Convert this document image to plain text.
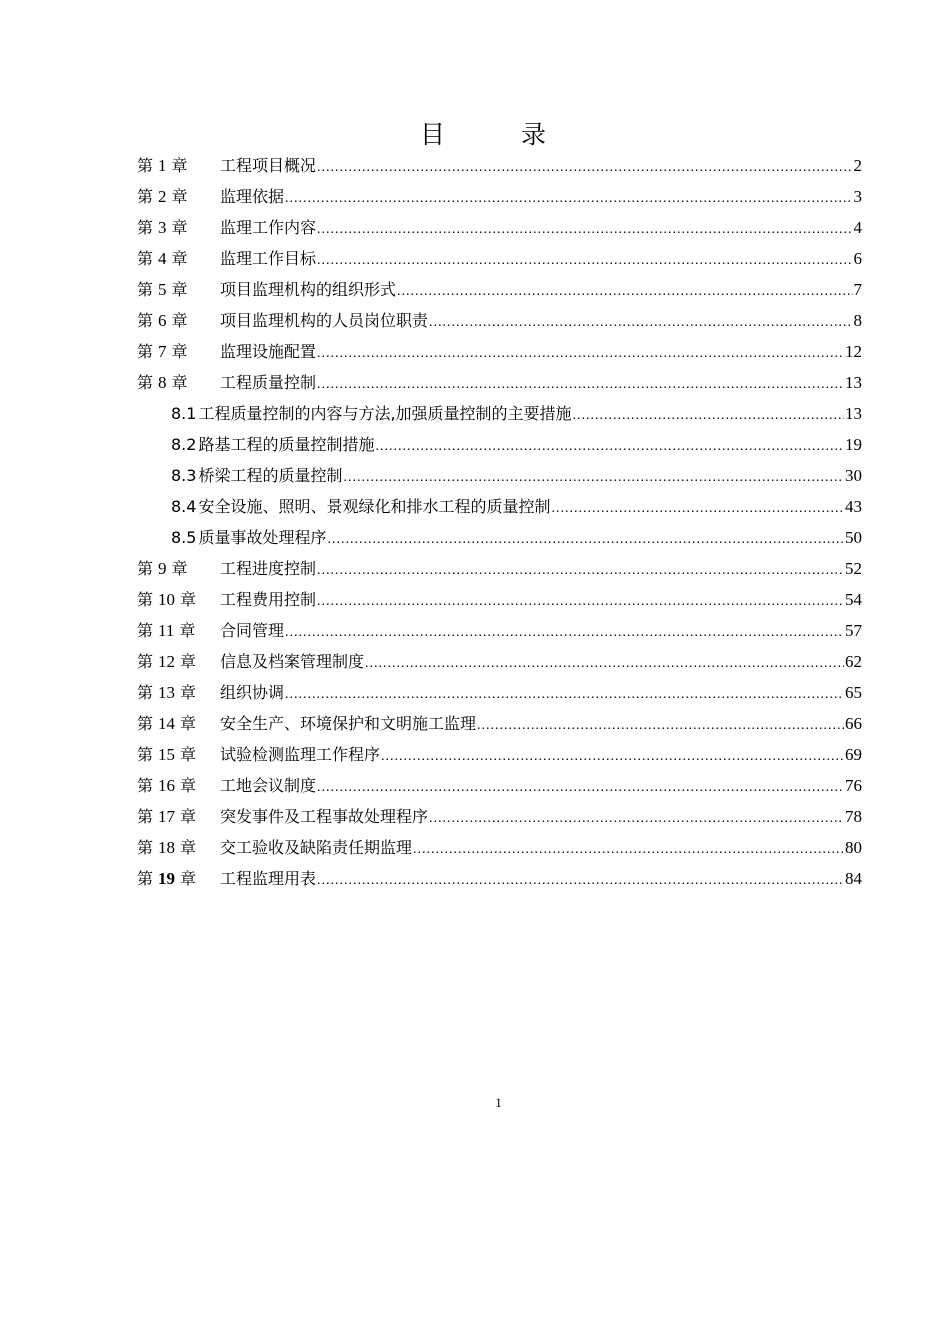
目 录
第 1 章	工程项目概况 .....	2
第 2 章	监理依据 .....	3
第 3 章	监理工作内容 .....	4
第 4 章	监理工作目标 .....	6
第 5 章	项目监理机构的组织形式 .....	7
第 6 章	项目监理机构的人员岗位职责 .....	8
第 7 章	监理设施配置 .....	12
第 8 章	工程质量控制 .....	13
8.1 工程质量控制的内容与方法,加强质量控制的主要措施 .....	13
8.2 路基工程的质量控制措施 .....	19
8.3 桥梁工程的质量控制 .....	30
8.4 安全设施、照明、景观绿化和排水工程的质量控制 .....	43
8.5 质量事故处理程序 .....	50
第 9 章	工程进度控制 .....	52
第 10 章	工程费用控制 .....	54
第 11 章	合同管理 .....	57
第 12 章	信息及档案管理制度 .....	62
第 13 章	组织协调 .....	65
第 14 章	安全生产、环境保护和文明施工监理 .....	66
第 15 章	试验检测监理工作程序 .....	69
第 16 章	工地会议制度 .....	76
第 17 章	突发事件及工程事故处理程序 .....	78
第 18 章	交工验收及缺陷责任期监理 .....	80
第 19 章	工程监理用表 .....	84
1
